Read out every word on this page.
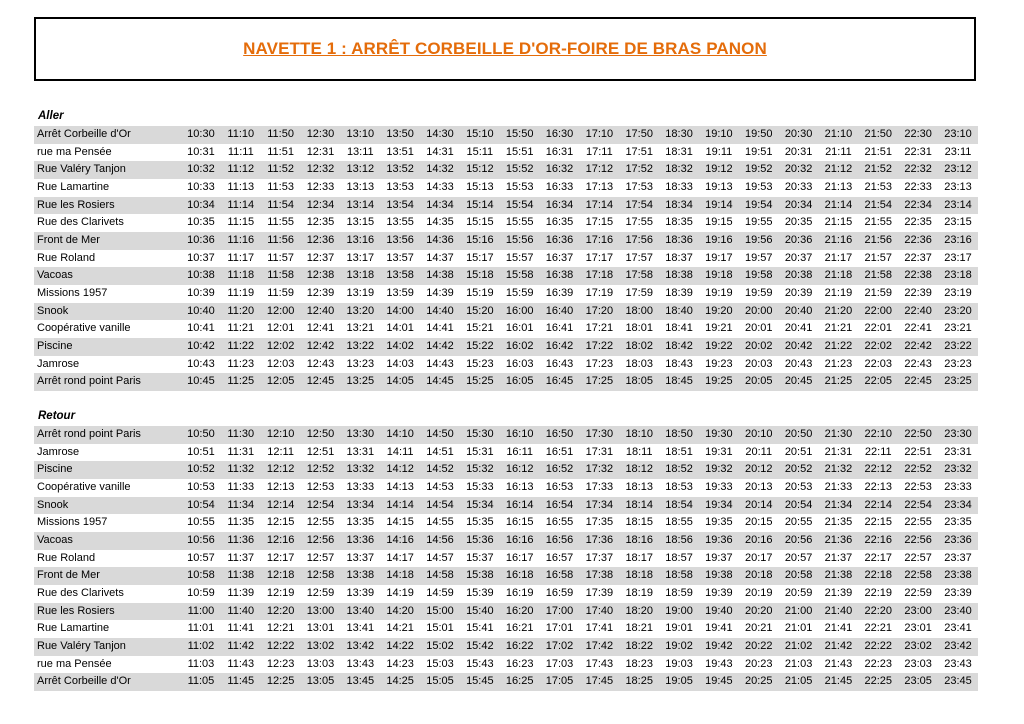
NAVETTE 1 : ARRÊT CORBEILLE D'OR-FOIRE DE BRAS PANON
Aller
Arrêt Corbeille d'Or	10:30	11:10	11:50	12:30	13:10	13:50	14:30	15:10	15:50	16:30	17:10	17:50	18:30	19:10	19:50	20:30	21:10	21:50	22:30	23:10
rue ma Pensée	10:31	11:11	11:51	12:31	13:11	13:51	14:31	15:11	15:51	16:31	17:11	17:51	18:31	19:11	19:51	20:31	21:11	21:51	22:31	23:11
Rue Valéry Tanjon	10:32	11:12	11:52	12:32	13:12	13:52	14:32	15:12	15:52	16:32	17:12	17:52	18:32	19:12	19:52	20:32	21:12	21:52	22:32	23:12
Rue Lamartine	10:33	11:13	11:53	12:33	13:13	13:53	14:33	15:13	15:53	16:33	17:13	17:53	18:33	19:13	19:53	20:33	21:13	21:53	22:33	23:13
Rue les Rosiers	10:34	11:14	11:54	12:34	13:14	13:54	14:34	15:14	15:54	16:34	17:14	17:54	18:34	19:14	19:54	20:34	21:14	21:54	22:34	23:14
Rue des Clarivets	10:35	11:15	11:55	12:35	13:15	13:55	14:35	15:15	15:55	16:35	17:15	17:55	18:35	19:15	19:55	20:35	21:15	21:55	22:35	23:15
Front de Mer	10:36	11:16	11:56	12:36	13:16	13:56	14:36	15:16	15:56	16:36	17:16	17:56	18:36	19:16	19:56	20:36	21:16	21:56	22:36	23:16
Rue Roland	10:37	11:17	11:57	12:37	13:17	13:57	14:37	15:17	15:57	16:37	17:17	17:57	18:37	19:17	19:57	20:37	21:17	21:57	22:37	23:17
Vacoas	10:38	11:18	11:58	12:38	13:18	13:58	14:38	15:18	15:58	16:38	17:18	17:58	18:38	19:18	19:58	20:38	21:18	21:58	22:38	23:18
Missions 1957	10:39	11:19	11:59	12:39	13:19	13:59	14:39	15:19	15:59	16:39	17:19	17:59	18:39	19:19	19:59	20:39	21:19	21:59	22:39	23:19
Snook	10:40	11:20	12:00	12:40	13:20	14:00	14:40	15:20	16:00	16:40	17:20	18:00	18:40	19:20	20:00	20:40	21:20	22:00	22:40	23:20
Coopérative vanille	10:41	11:21	12:01	12:41	13:21	14:01	14:41	15:21	16:01	16:41	17:21	18:01	18:41	19:21	20:01	20:41	21:21	22:01	22:41	23:21
Piscine	10:42	11:22	12:02	12:42	13:22	14:02	14:42	15:22	16:02	16:42	17:22	18:02	18:42	19:22	20:02	20:42	21:22	22:02	22:42	23:22
Jamrose	10:43	11:23	12:03	12:43	13:23	14:03	14:43	15:23	16:03	16:43	17:23	18:03	18:43	19:23	20:03	20:43	21:23	22:03	22:43	23:23
Arrêt rond point Paris	10:45	11:25	12:05	12:45	13:25	14:05	14:45	15:25	16:05	16:45	17:25	18:05	18:45	19:25	20:05	20:45	21:25	22:05	22:45	23:25
Retour
Arrêt rond point Paris	10:50	11:30	12:10	12:50	13:30	14:10	14:50	15:30	16:10	16:50	17:30	18:10	18:50	19:30	20:10	20:50	21:30	22:10	22:50	23:30
Jamrose	10:51	11:31	12:11	12:51	13:31	14:11	14:51	15:31	16:11	16:51	17:31	18:11	18:51	19:31	20:11	20:51	21:31	22:11	22:51	23:31
Piscine	10:52	11:32	12:12	12:52	13:32	14:12	14:52	15:32	16:12	16:52	17:32	18:12	18:52	19:32	20:12	20:52	21:32	22:12	22:52	23:32
Coopérative vanille	10:53	11:33	12:13	12:53	13:33	14:13	14:53	15:33	16:13	16:53	17:33	18:13	18:53	19:33	20:13	20:53	21:33	22:13	22:53	23:33
Snook	10:54	11:34	12:14	12:54	13:34	14:14	14:54	15:34	16:14	16:54	17:34	18:14	18:54	19:34	20:14	20:54	21:34	22:14	22:54	23:34
Missions 1957	10:55	11:35	12:15	12:55	13:35	14:15	14:55	15:35	16:15	16:55	17:35	18:15	18:55	19:35	20:15	20:55	21:35	22:15	22:55	23:35
Vacoas	10:56	11:36	12:16	12:56	13:36	14:16	14:56	15:36	16:16	16:56	17:36	18:16	18:56	19:36	20:16	20:56	21:36	22:16	22:56	23:36
Rue Roland	10:57	11:37	12:17	12:57	13:37	14:17	14:57	15:37	16:17	16:57	17:37	18:17	18:57	19:37	20:17	20:57	21:37	22:17	22:57	23:37
Front de Mer	10:58	11:38	12:18	12:58	13:38	14:18	14:58	15:38	16:18	16:58	17:38	18:18	18:58	19:38	20:18	20:58	21:38	22:18	22:58	23:38
Rue des Clarivets	10:59	11:39	12:19	12:59	13:39	14:19	14:59	15:39	16:19	16:59	17:39	18:19	18:59	19:39	20:19	20:59	21:39	22:19	22:59	23:39
Rue les Rosiers	11:00	11:40	12:20	13:00	13:40	14:20	15:00	15:40	16:20	17:00	17:40	18:20	19:00	19:40	20:20	21:00	21:40	22:20	23:00	23:40
Rue Lamartine	11:01	11:41	12:21	13:01	13:41	14:21	15:01	15:41	16:21	17:01	17:41	18:21	19:01	19:41	20:21	21:01	21:41	22:21	23:01	23:41
Rue Valéry Tanjon	11:02	11:42	12:22	13:02	13:42	14:22	15:02	15:42	16:22	17:02	17:42	18:22	19:02	19:42	20:22	21:02	21:42	22:22	23:02	23:42
rue ma Pensée	11:03	11:43	12:23	13:03	13:43	14:23	15:03	15:43	16:23	17:03	17:43	18:23	19:03	19:43	20:23	21:03	21:43	22:23	23:03	23:43
Arrêt Corbeille d'Or	11:05	11:45	12:25	13:05	13:45	14:25	15:05	15:45	16:25	17:05	17:45	18:25	19:05	19:45	20:25	21:05	21:45	22:25	23:05	23:45
